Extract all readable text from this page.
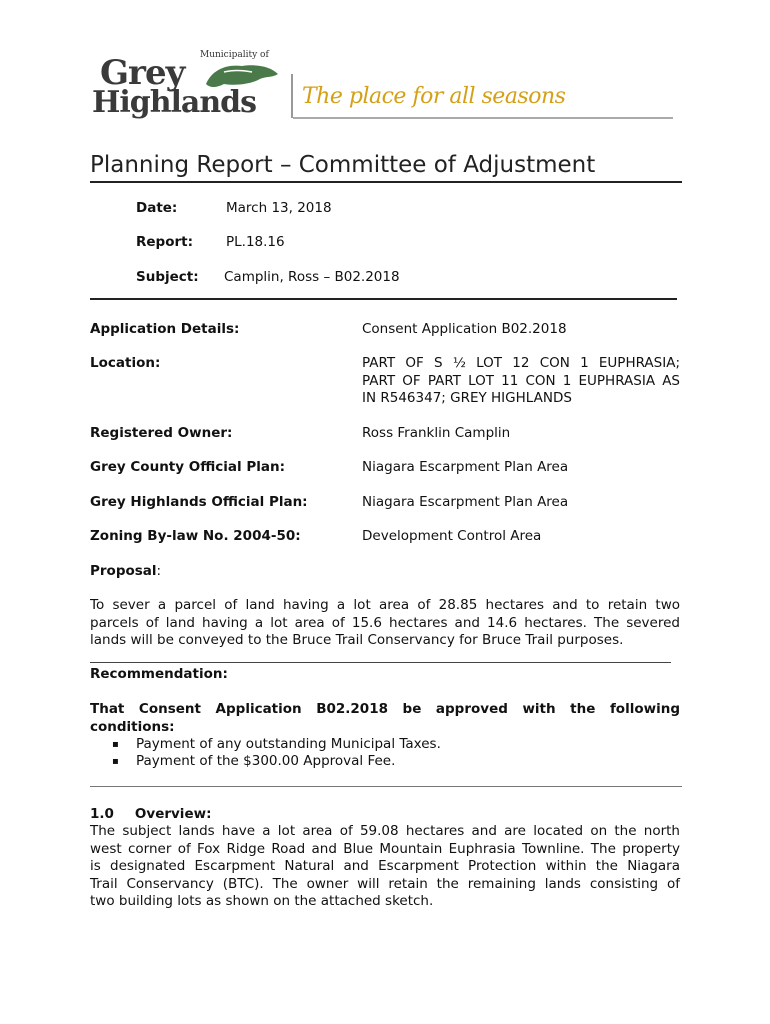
Municipality of
Grey
Highlands The place for all seasons
Planning Report – Committee of Adjustment
Date:	March 13, 2018
Report: PL.18.16
Subject: Camplin, Ross – B02.2018
Application Details:	Consent Application B02.2018
Location:	PART OF S ½ LOT 12 CON 1 EUPHRASIA;
PART OF PART LOT 11 CON 1 EUPHRASIA AS
IN R546347; GREY HIGHLANDS
Registered Owner:	Ross Franklin Camplin
Grey County Official Plan:	Niagara Escarpment Plan Area
Grey Highlands Official Plan:	Niagara Escarpment Plan Area
Zoning By-law No. 2004-50:	Development Control Area
Proposal:
To sever a parcel of land having a lot area of 28.85 hectares and to retain two
parcels of land having a lot area of 15.6 hectares and 14.6 hectares. The severed
lands will be conveyed to the Bruce Trail Conservancy for Bruce Trail purposes.
Recommendation:
That Consent Application B02.2018 be approved with the following
conditions:
▪ Payment of any outstanding Municipal Taxes.
▪ Payment of the $300.00 Approval Fee.
1.0 Overview:
The subject lands have a lot area of 59.08 hectares and are located on the north
west corner of Fox Ridge Road and Blue Mountain Euphrasia Townline. The property
is designated Escarpment Natural and Escarpment Protection within the Niagara
Trail Conservancy (BTC). The owner will retain the remaining lands consisting of
two building lots as shown on the attached sketch.
